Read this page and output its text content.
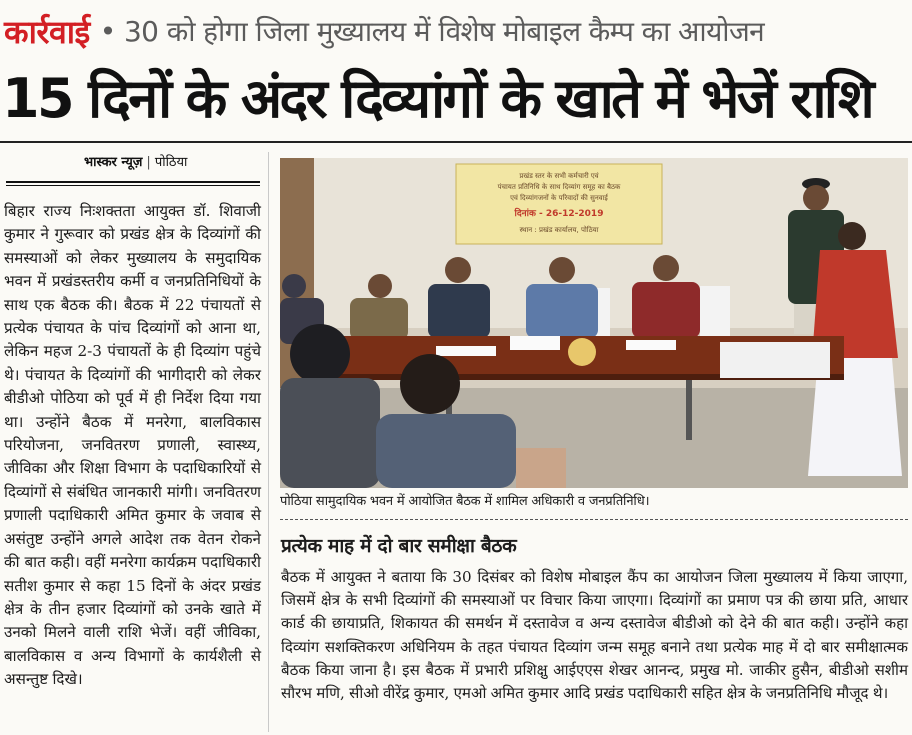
कार्रवाई • 30 को होगा जिला मुख्यालय में विशेष मोबाइल कैम्प का आयोजन
15 दिनों के अंदर दिव्यांगों के खाते में भेजें राशि
भास्कर न्यूज़ | पोठिया

बिहार राज्य निःशक्तता आयुक्त डॉ. शिवाजी कुमार ने गुरूवार को प्रखंड क्षेत्र के दिव्यांगों की समस्याओं को लेकर मुख्यालय के समुदायिक भवन में प्रखंडस्तरीय कर्मी व जनप्रतिनिधियों के साथ एक बैठक की। बैठक में 22 पंचायतों से प्रत्येक पंचायत के पांच दिव्यांगों को आना था, लेकिन महज 2-3 पंचायतों के ही दिव्यांग पहुंचे थे। पंचायत के दिव्यांगों की भागीदारी को लेकर बीडीओ पोठिया को पूर्व में ही निर्देश दिया गया था। उन्होंने बैठक में मनरेगा, बालविकास परियोजना, जनवितरण प्रणाली, स्वास्थ्य, जीविका और शिक्षा विभाग के पदाधिकारियों से दिव्यांगों से संबंधित जानकारी मांगी। जनवितरण प्रणाली पदाधिकारी अमित कुमार के जवाब से असंतुष्ट उन्होंने अगले आदेश तक वेतन रोकने की बात कही। वहीं मनरेगा कार्यक्रम पदाधिकारी सतीश कुमार से कहा 15 दिनों के अंदर प्रखंड क्षेत्र के तीन हजार दिव्यांगों को उनके खाते में उनको मिलने वाली राशि भेजें। वहीं जीविका, बालविकास व अन्य विभागों के कार्यशैली से असन्तुष्ट दिखे।

प्रखंड स्तर के सभी कर्मचारी एवं
पंचायत प्रतिनिधि के साथ दिव्यांग समूह का बैठक
एवं दिव्यांगजनों के परिवादों की सुनवाई
दिनांक - 26-12-2019
स्थान : प्रखंड कार्यालय, पोठिया
पोठिया सामुदायिक भवन में आयोजित बैठक में शामिल अधिकारी व जनप्रतिनिधि।
प्रत्येक माह में दो बार समीक्षा बैठक

बैठक में आयुक्त ने बताया कि 30 दिसंबर को विशेष मोबाइल कैंप का आयोजन जिला मुख्यालय में किया जाएगा, जिसमें क्षेत्र के सभी दिव्यांगों की समस्याओं पर विचार किया जाएगा। दिव्यांगों का प्रमाण पत्र की छाया प्रति, आधार कार्ड की छायाप्रति, शिकायत की समर्थन में दस्तावेज व अन्य दस्तावेज बीडीओ को देने की बात कही। उन्होंने कहा दिव्यांग सशक्तिकरण अधिनियम के तहत पंचायत दिव्यांग जन्म समूह बनाने तथा प्रत्येक माह में दो बार समीक्षात्मक बैठक किया जाना है। इस बैठक में प्रभारी प्रशिक्षु आईएएस शेखर आनन्द, प्रमुख मो. जाकीर हुसैन, बीडीओ सशीम सौरभ मणि, सीओ वीरेंद्र कुमार, एमओ अमित कुमार आदि प्रखंड पदाधिकारी सहित क्षेत्र के जनप्रतिनिधि मौजूद थे।
